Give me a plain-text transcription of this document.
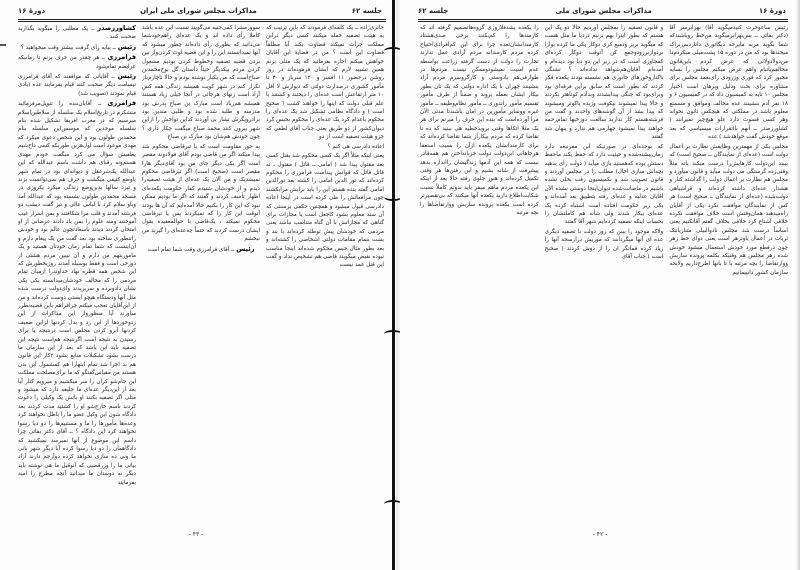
جلسه ۶۲
مذاکرات مجلس شورای ملی ایران
دورهٔ ۱۶

حائری‌زاده ــ یک کلمه‌ای فرمودند که باین ترتیب که به هیئت تصفیه حمله میکنند کسی دیگر درابن مملکت جرأت نمیکند قضاوت بکند آیا مطلقاً قضاوت این است ؟ من در قضایۀ این آقایان خواهش میکنم اجازه بفرمائید که یک مثلی بزنم همین تشبیه لازم که ایشان فرموده‌اند در روز روشن درحضور ۱۱ افسر و ۱۲۰ سرباز و ۴۰ تا مأمور کشوری درصدارت دولتی که دیوارش لا اقل ۱۰ متر ارتفاعش است عده‌ای را دیختند و کشتند با علم قبلی دولت که اینها را خواهند کشت ( صحیح است ) و دادگاه نظامی تشکیل شد یک عده‌ای را محکوم باعدام کرد یک عده‌ای را محکوم بحبس کرد دیوان‌کشور از دو طریق یعنی جناب آقای لطفی که جزو هیئت تصفیه است از دو

اعاده دادرسی هی کنم ؟

یعنی اینکه مثلاً اگر یک کسی محکوم شد بقتل کسی بعد مقتول پیدا شد ( امامی ــ قاتل ) مقتول ، نه قاتل قاتل که قوانش پیداست فرامرزی را محکوم کرده‌اند که نور الدین امامی را کشته بعد نورالدین امامی گفته بنده هستم این را باید برایش مرابکشند چون مرافعاتش را طی کرده است در اینجا اعاده دادرسی قبول میشود و همچنین حکمی برسنتی که آن سند معلوم بشود کاجعل است یا مجازات برای گناهی که مجازاتش با آن گناه متناسب نباشد یعنی مردمی که خودشان پیش توطئه کرده‌اند با بند و بست بتمام مقامات دولتی اشخاصی را کشته‌اند و بعد بطور مثال حبس محکوم شده‌اند اینجا مناسب نبوده نقیض میگویند قاضی هم تشخیص نداد و گفت این قتل عمد نیست

سوورمشرا کمی‌جنیه می‌گویند نسبت این عده باشد کاملا رأی داده اند و یک عده‌ای راهم‌خودشما می‌دانید که بطوری رأی داده‌اند چطور میشود که آنها نمیدانستند این را و این قضیه لوث کردن‌واز بین بردن قضیه تصفیه وخطوط کردن بودیم مشغول کردن مردم بیکدیگر حیثاً داستان گل بوخ‌محمدبن صباح‌است که من یکبار نوشته بودم و حالا ناچارم‌باز تکرار کنم در شهر کویت همیشه زندگی همه کس آزاد است زنهای هرجائی در آنجا خیلی زیاد هستند همیشه هم‌زیاد است مبارک بن صباح‌ پدرش بود مدرسه و طلبه شده بود و طلبی متدین بود برادرویگرش تشار بی آوردند کداین تواحش را ازاین شهر بیرون کنند محمد صباح میگفت چکار داری ؟ چون خودش هم‌شان بود مبارک بن صباح

به جور مقاومت است که با تیرقاضی محکوم شد پیدا میکند اگر من قاضی بودم آقای فولادوند مقصر است اگر یکی دیگر جای من بود آقای‌دیگر هارا مقصر است (صحیح است) اگر تیرقاضی محکوم نمیشدیک و من آلان یک عده‌ای از هیئت تصفیه‌را دیدم و از خودشان شنیدم کفار حکومت یکعده‌ای اظهار تأسف کردند و گفتند که اگر ما بودیم ممکن نبود که این کار را بکنیم حالا آمده‌ایم که آن ها بودند آنوقت این کار را که نمیکردند پس یا تیرقاضی محکوم نمیکند ، یک‌قاضی با حوالمعقیده بقول ایشان درست کردند که حتماً چه‌عده‌ای را گیرند من نبخشم

رئیس ــ آقای فرامرزی وقت شما تمام است

کشاورزصدر ــ یک مطلبی را میگوید بگذارید صحبت کنند .

رئیس ــ بیایه رأی گرفت بیشتر وقت میخواهید ؟

فرامرزی ــ هر چقدر من حرف بزنم تا زمانیکه عرایضم تمام‌شود

رئیس ــ آقایانی که موافقند که آقای فرامرزی تیسامت دیگر صحبت کنند قیام بفرمایند عده (بادی قیام نمودند (تصویب شد)

فرامرزی ــ آقایان‌بنده را تنویل‌مرفرمائید متشکرم در تاریخ‌اسلام یک سلسله از سلاطین‌اسلام میرسیم که در مغرب افریقا تشکیل شده بنام سلسله موحدین که موسس‌این سلسله بنام محمدبن طولون بود و این شخص دعوی میکرد که مهدی موعود است اول‌هرین طوریکه کسی داخ‌شیم یطفیش سؤال می کرد میگفت خودم مهدی هستم‌ونه رقبای هم داشت باسم عبدالله که این عبدالله یک‌شرعقل و دیوانه‌ای بود در تمام شهر باوضع کثیفی میگشت و حرف هم نمی‌توانست بزند و تیزد سالها بدین‌وضع زندگی میکرد یکروزی در مسجد محمدبن طولون نشسته بود که عبدالله آمد وباو سلام کرد با لباس عالی و تیز گفت دیشب دو فرشته آمدند و قلب مرا شکافتند و بمن اسرار غیب آموختند ومنه علوم را بمن یاد دادند عرضانی از او امتحان کردند دیدند باسعادتچون عالم بود و خودش را‌تنطوری ساخته بود بعد گفت من یک پیغام دارم و آن‌اینست که شما تمام زمان خودتان هستید و یک ماموریتهم من دارم و آن تبیین مردم هشتی از دوزخی است و فقط بوسیله آمدند روزیخطورش که این شخص همه قطره نهاد خداوند‌را ازمیان تمام مردمی را که مخالف خودشان‌میدانسته یکی یکی نشان داد‌وبرده و سربریدند وای‌دولت درست شده مثل آنها ودستگاه هیچو ایستی دوست کرده‌اند و من از این‌آقایان تعجب میکنم چرافراهم باین قضیه‌نظرر میاورند آیا منظورواز این مذاکرات از این زدوخوردها از این رد و بدل کردنها لزاین ضعیف کردنها آبرو کردن مجلس است درنتیجه یا برای رسیدن به نتیجه است اگرنتیجه هم‌است نتیجه این تصفیه باید این باشد که بعد از این سازمان ما درست بشود تشکیلات منابع بشود ۲کار این قانون هم بد اجرا شد تمام اینها‌را هم کمشمول این بدن هستند من مقیاس‌گفتگو که ما برای‌مصلحت مملکت این جام‌شو کران را سر میکشیم و میرویم کنار آیا بعد از این‌دیگر عده‌ای ما جلیقه دارد که میشود و مثلی اگر تصفیه بکنند او بانش یک وکیلی را دعوت کردند باسم خارج‌شو او را کشتید مدت کردند بعد دادگاه شون این وکیل عضو ما را باطل نخواهند کرد وعده‌ها مأمورها را ما و مستبیم‌ها را دو دیا رسوا نخواهند کرد این دادگاه ؟ ــ آقای دکتر بقائی چرا داسم این موضوع از آنها نمیرسد نمیکشید که دادگاهمان را دو دیا رسوا کرده آیا دیگر شهر بانی ما ونی ده سازی نخواهد کرده دوآرجم دارند آزاد بیانی ما را وزرقضیی که آنوقیل ما هی نوشته باید دیگر نه دوستان ما میدانید آنچه مطرح را امید بفرمایند

- ۴۳ -
دورهٔ ۱۶
مذاکرات مجلس شورای ملی
جلسه ۶۲

رئیس ساعوجرت کنیدمیگوید آقا) بهرابرسر آقا (دکتر بقائی ــ بس‌بهرابرمیگوید من‌خط روباشندکه شما بگوید مربه ماپرحه دیگاتوری دانازدیم‌ربراک میخندها بود که من در دوره ۱۵ پشت‌میلی میکردم‌دا من‌دولادولائی که عرض کردم باین‌قانون مخالفم‌باتبام واهم عرض میکنم مجلس را بسایه مجبور کرد که فوری وزرودی رأی‌بعمد مجلس برای مشاوره برای بحث ودلیل وبرهان است اختیار مجلس ۱۰ تایه به کمیسیون داد که در کمیسیون ۶ و ۱۸ نفر آدم بنشینند عده مخالف وموافق و مسمتع معلوم باشد در مملکتی که هیچکس ثانون نخواند وهر کسی قسوت دارد علو هیچ‌چیز نمیرانند ( کشاورزصدر ــ آنهم بااتقرارات میسیاسی که بعد موقع خودش گفت خواهد‌شد ) عده

مجلس یکی از مهمترین وظایفش نظارت بر اعمال دولت است (عده‌ای از نمایندگان ــ صحیح است) که ببیند این‌دولت کارهایش‌را درست میکند یانه مثلاً وقتی‌زده گرسنگی می دولت میآید و قانون میآورد و مجلس هم نظارت بر اعمال دولت را گذاشته کنار و هشدار عده‌ای داشته کرده‌اند و قراشیاهی دولت‌شده (عده‌ای از نمایندگان ــ صحیح است) هر کس از نمایندگان موافقت نکرد یکی از آقایان راه‌میدهند همان‌وقتش است خلاف موافقت نکرده خلافی اشتاع کرد خلافی بخلاف گفتم آقا‌نکنیم یعنی اساساً درست شد مجلس نادوالبیلی متنازیانتک ثریات در اعمال یاونزهر است یعنی دوای خط زهر چون درقطع مورد خودش استعمال میشود خودش شده زهر مجلس هم وقتیکه بکلمه پرونده سازیش ووارتقاضا را بچه مرتبه با تا بانها اطرح‌داریم ولایحه سازمان کشور دانپیمانیم

و قانون تصفیه را بمجلس آوردیم حالا دو یک این هستم که بطور اینرا بهم بزنیم دردیا ما مثل هست که میگوید بریز ودمیع کری دوکار یکی ما کرده بوارا بردوازبرزودوجمع کن آنوقت دوکار کرده‌ای کمجاوزی است که در زیر این دو دیا بود دیده‌ام و آمده‌ام آقایان‌هم‌شواهد‌ نداده‌اند ؟ تشنگی باکنار‌وخورهای جانوری هم نشسته بودند یکعده فکر کردند که بطور است که سابق براین فرقه‌ای بود وبرای‌بود که جنگی پیدا‌بشدند وبدآدم کوتاهتر بکردند و حالا پیدا نمیشوند بیکوفت وزیده یاکوتر ومیشوند که پیدا بشد از آن گوشه‌ها‌ی واحدند و گفت من فرشته‌هستم کار ندارید سالعت دوزخیها تمام‌رحمه خواهند پیدا نمیشود چهارمی هم ندارد و پنهان شد گفتند

که بوجده‌ای در صورتیکه این مفرنبعه دارد زمان‌پیشته‌شده و حیثیت دارد که حفظ بکند ماحفظ دستش بوده که‌هستید بازی میآید ( دولت رأی بدهید بچه‌اش سازی اخال) مطلب را در مجلس آوردند و قانون تصویب شد و بکمیسیون رفت بخلی نشده باشیم در ماصانت‌شده دیوان‌اینجا دوستی نشده الآن آقایان عدلیه و عده‌ای رفته بتطبیق بعد آمده‌اند و یکی زیر حکومت افتاده است اشتباه کرده یک عده‌ای بیکار شدند ولی شأنه هم کاملتشان را بحساب اینکه تصفیه کرده‌ایم شهر آقا گفتند

ولاکه موجود را بیبن که روز دولت با تصفیه دیگری عده ای آنها میگردانند که موریش درارسجه آنها را زیاد کرده قمانگر ان را از دوش کردند ( صحیح است ) جناب آقای

را یکعده پشدفلازوزی گروه‌هاتصمیم گرفته اند که کارمندها را کم‌بکنند برخی صدی‌هشتاد کارمندانشان‌تعده چرا برای این کم‌افرادی‌احتیاج کرده مردم کارمندانه مردم آزادی عمل ندارند تجارت را دولت از دست گرفته زراعت بواسطه عدم امنیت نمیشود‌وممکن نیست مردم‌ها در طوارفی‌هم بادوستی و کارگر‌وسرم مردم آزاد بنشینند چهران با یک اداره دولتی که یک نان بطور بیکار ایشان بعمله بروند و ضمناً از طرف مأمور تقسیم مأمور راتدوری ــ مأمور نظام‌وظیفه ــ مأمور غیره ووسایر مأمورین در امان باشند‌تا مدتی الآن مرا آورده‌است که بنده این حرف را میزنم برای هر یک مثلا اتکاها وقتی برویدخطیه هی بینید که ده تا تقاضا کرده که مردم بیکاراز شما تقاضا کرده‌اند که برای کارمندانشان یکعده ازآن را بسبب استعفا هرجاها‌ئی ابن‌دولت دولت جزبانداختن هم همه‌قادر نیست که همه این آدمها زندگیشان را‌انداره بدهد پیشرفت از شانه بشیم و این رفتن‌ها هر وقتی تکمیل کرده‌اند و هنوز جلوی رفته حالا بعد از اینکه این یکعده مردم ماهم میفر باید بدونم کاملاً نسبت شکایت‌اطلاع دارید یکعده آنها میکنند که بی‌تقصیر‌تر کرده است یکعده پرونده سازیش ووارتقاضاها را بچه مرتبه

- ۴۲ -
